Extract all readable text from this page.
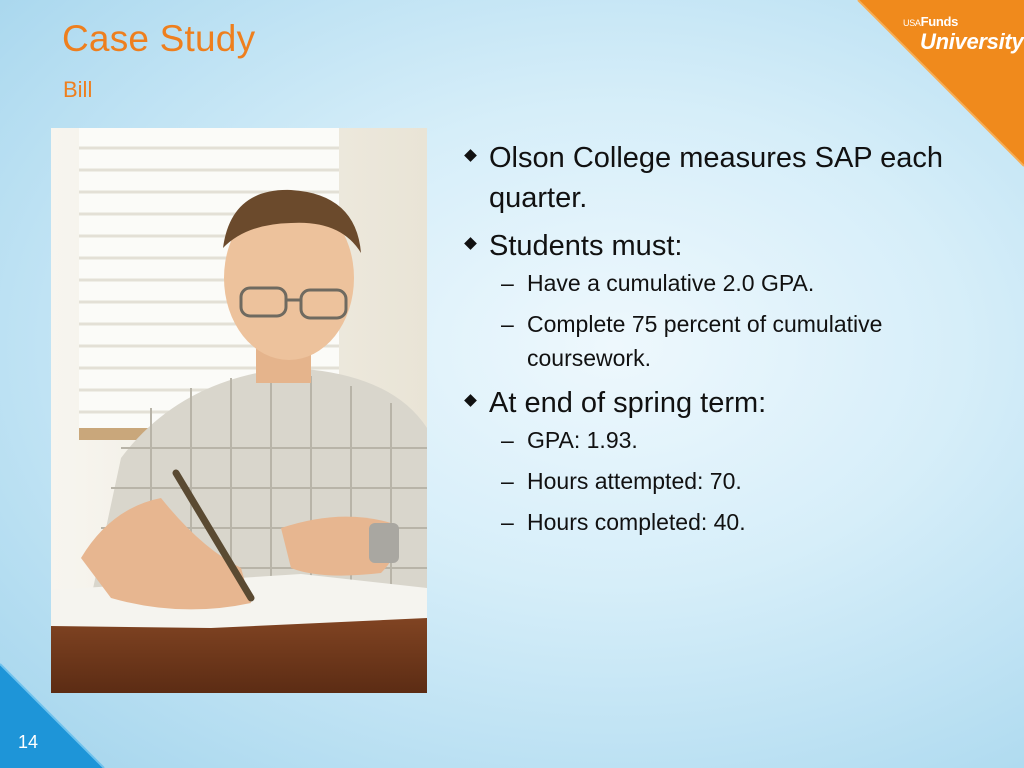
USAFunds
University
Case Study
Bill
Olson College measures SAP each quarter.
Students must:
– Have a cumulative 2.0 GPA.
– Complete 75 percent of cumulative coursework.
At end of spring term:
– GPA: 1.93.
– Hours attempted: 70.
– Hours completed: 40.
14
